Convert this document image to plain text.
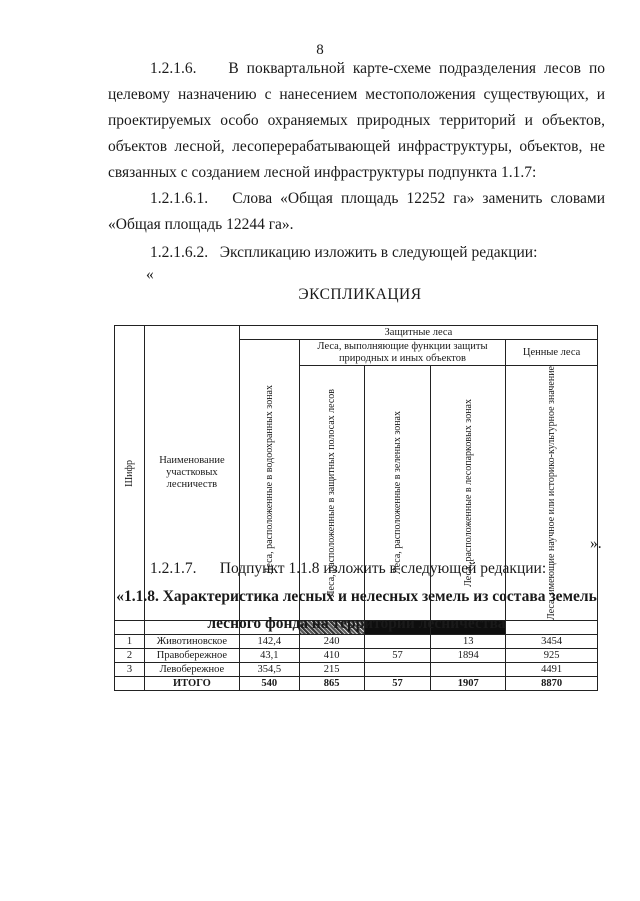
8

1.2.1.6.    В поквартальной карте-схеме подразделения лесов по целевому назначению с нанесением местоположения существующих, и проектируемых особо охраняемых природных территорий и объектов, объектов лесной, лесоперерабатывающей инфраструктуры, объектов, не связанных с созданием лесной инфраструктуры подпункта 1.1.7:

1.2.1.6.1.   Слова «Общая площадь 12252 га» заменить словами «Общая площадь 12244 га».

1.2.1.6.2.   Экспликацию изложить в следующей редакции:

«
ЭКСПЛИКАЦИЯ
Шифр	Наименование участковых лесничеств	Защитные леса				

		Леса, расположенные в водоохранных зонах	Леса, выполняющие функции защиты природных и иных объектов			Ценные леса

			Леса, расположенные в защитных полосах лесов	Леса, расположенные в зеленых зонах	Леса, расположенные в лесопарковых зонах	Леса, имеющие научное или историко-культурное значение

1	Животиновское	142,4	240		13	3454
2	Правобережное	43,1	410	57	1894	925
3	Левобережное	354,5	215			4491
	ИТОГО	540	865	57	1907	8870
».

1.2.1.7.      Подпункт 1.1.8 изложить в следующей редакции:

«1.1.8. Характеристика лесных и нелесных земель из состава земель лесного фонда на территории лесничества
